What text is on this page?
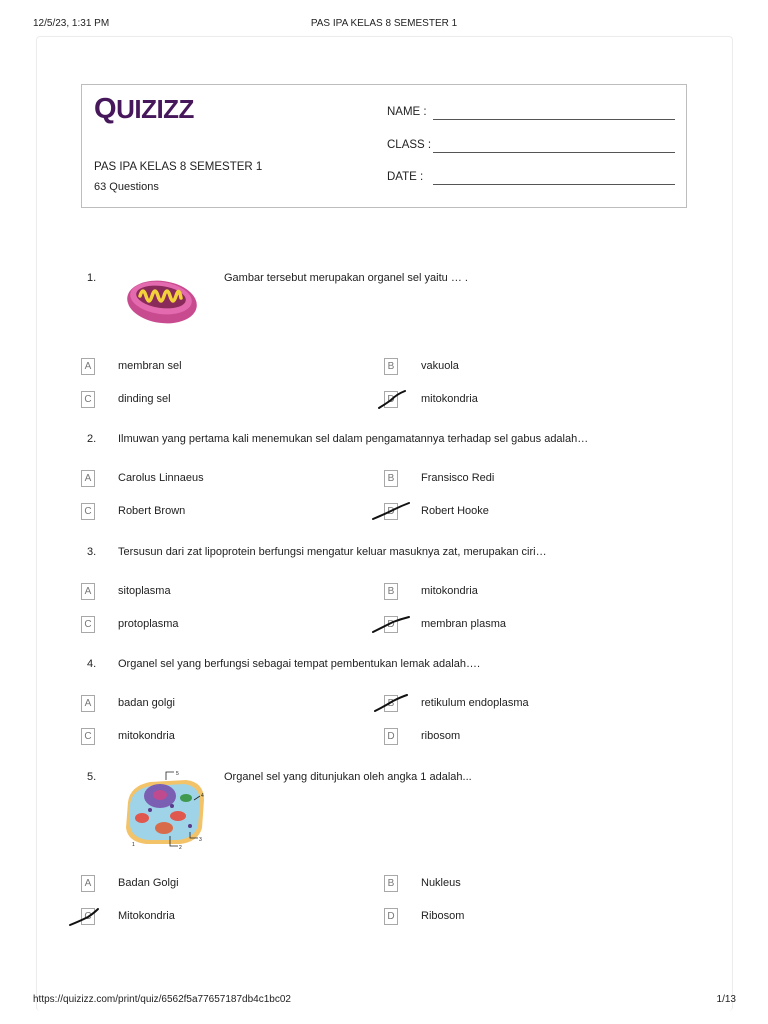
12/5/23, 1:31 PM	PAS IPA KELAS 8 SEMESTER 1
QUIZIZZ
PAS IPA KELAS 8 SEMESTER 1
63 Questions
NAME :
CLASS :
DATE :
1.	Gambar tersebut merupakan organel sel yaitu … .
A	membran sel	B	vakuola
C	dinding sel	D	mitokondria
2. Ilmuwan yang pertama kali menemukan sel dalam pengamatannya terhadap sel gabus adalah…
A	Carolus Linnaeus	B	Fransisco Redi
C	Robert Brown	D	Robert Hooke
3. Tersusun dari zat lipoprotein berfungsi mengatur keluar masuknya zat, merupakan ciri…
A	sitoplasma	B	mitokondria
C	protoplasma	D	membran plasma
4. Organel sel yang berfungsi sebagai tempat pembentukan lemak adalah….
A	badan golgi	B	retikulum endoplasma
C	mitokondria	D	ribosom
5.	5
4
3
2
1
Organel sel yang ditunjukan oleh angka 1 adalah...
A	Badan Golgi	B	Nukleus
C	Mitokondria	D	Ribosom
https://quizizz.com/print/quiz/6562f5a77657187db4c1bc02	1/13
